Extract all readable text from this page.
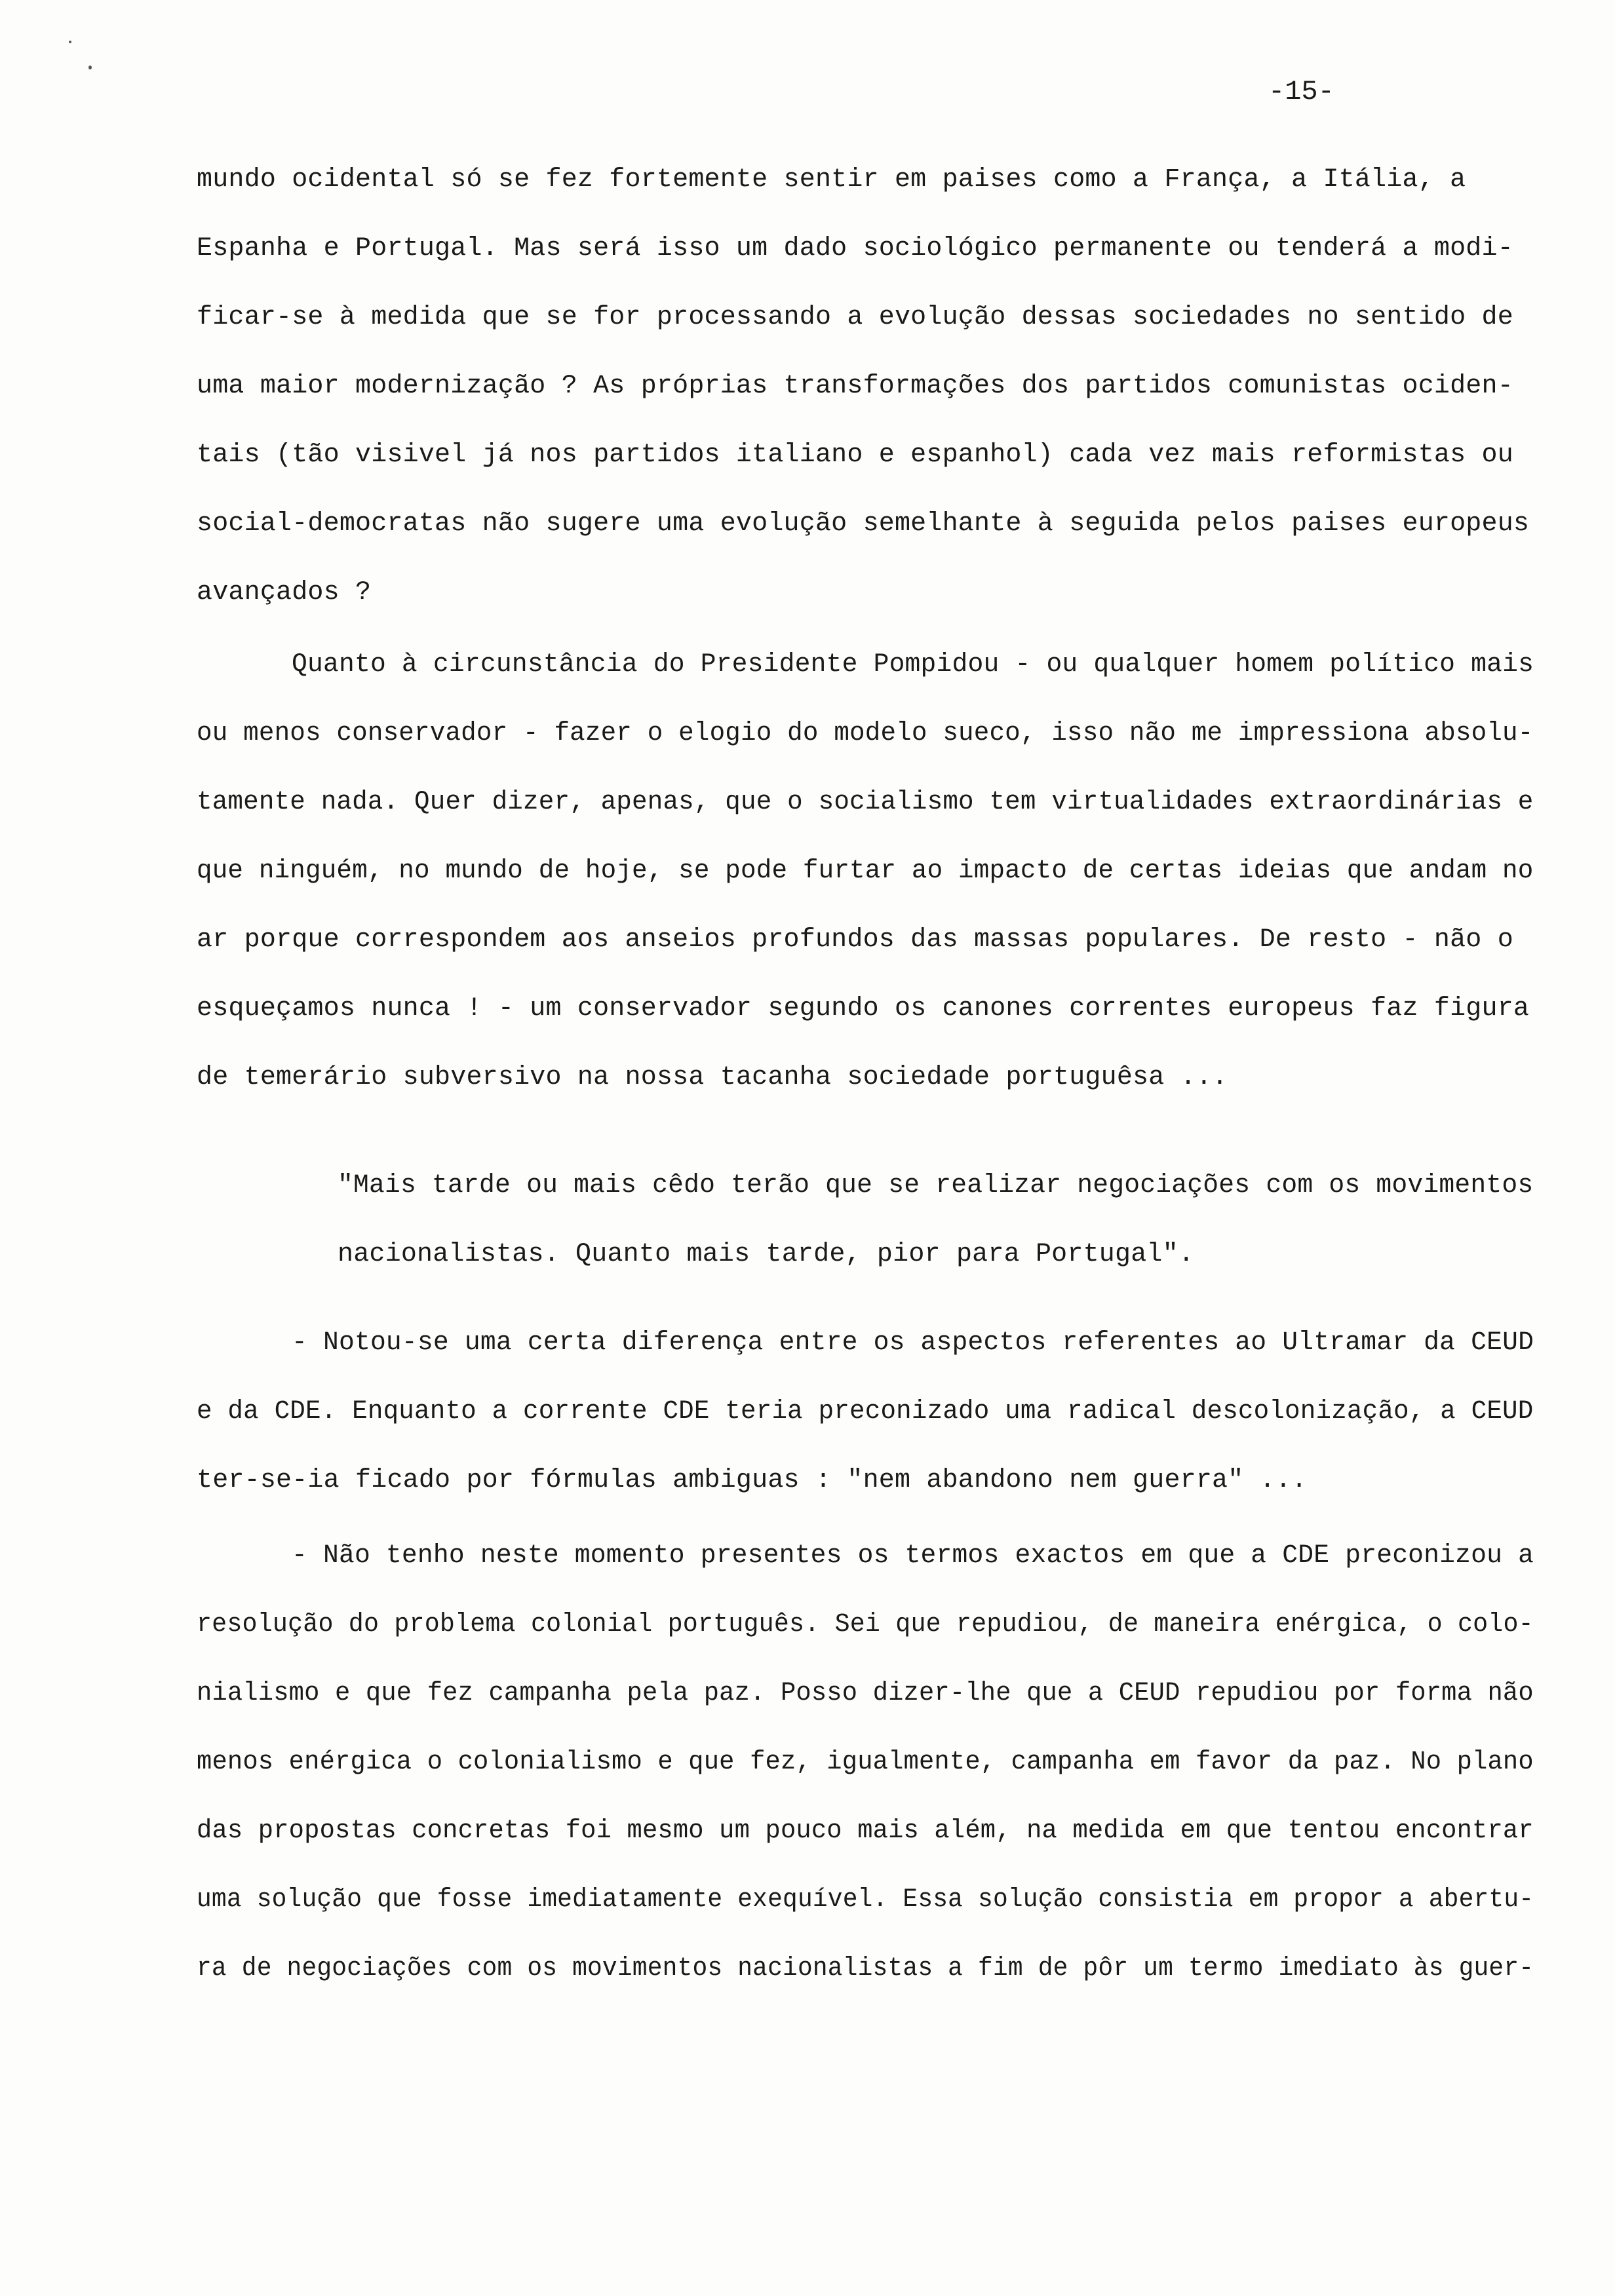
-15-
mundo ocidental só se fez fortemente sentir em paises como a França, a Itália, a
Espanha e Portugal. Mas será isso um dado sociológico permanente ou tenderá a modi-
ficar-se à medida que se for processando a evolução dessas sociedades no sentido de
uma maior modernização ? As próprias transformações dos partidos comunistas ociden-
tais (tão visivel já nos partidos italiano e espanhol) cada vez mais reformistas ou
social-democratas não sugere uma evolução semelhante à seguida pelos paises europeus
avançados ?
Quanto à circunstância do Presidente Pompidou - ou qualquer homem político mais
ou menos conservador - fazer o elogio do modelo sueco, isso não me impressiona absolu-
tamente nada. Quer dizer, apenas, que o socialismo tem virtualidades extraordinárias e
que ninguém, no mundo de hoje, se pode furtar ao impacto de certas ideias que andam no
ar porque correspondem aos anseios profundos das massas populares. De resto - não o
esqueçamos nunca ! - um conservador segundo os canones correntes europeus faz figura
de temerário subversivo na nossa tacanha sociedade portuguêsa ...
"Mais tarde ou mais cêdo terão que se realizar negociações com os movimentos
nacionalistas. Quanto mais tarde, pior para Portugal".
- Notou-se uma certa diferença entre os aspectos referentes ao Ultramar da CEUD
e da CDE. Enquanto a corrente CDE teria preconizado uma radical descolonização, a CEUD
ter-se-ia ficado por fórmulas ambiguas : "nem abandono nem guerra" ...
- Não tenho neste momento presentes os termos exactos em que a CDE preconizou a
resolução do problema colonial português. Sei que repudiou, de maneira enérgica, o colo-
nialismo e que fez campanha pela paz. Posso dizer-lhe que a CEUD repudiou por forma não
menos enérgica o colonialismo e que fez, igualmente, campanha em favor da paz. No plano
das propostas concretas foi mesmo um pouco mais além, na medida em que tentou encontrar
uma solução que fosse imediatamente exequível. Essa solução consistia em propor a abertu-
ra de negociações com os movimentos nacionalistas a fim de pôr um termo imediato às guer-
